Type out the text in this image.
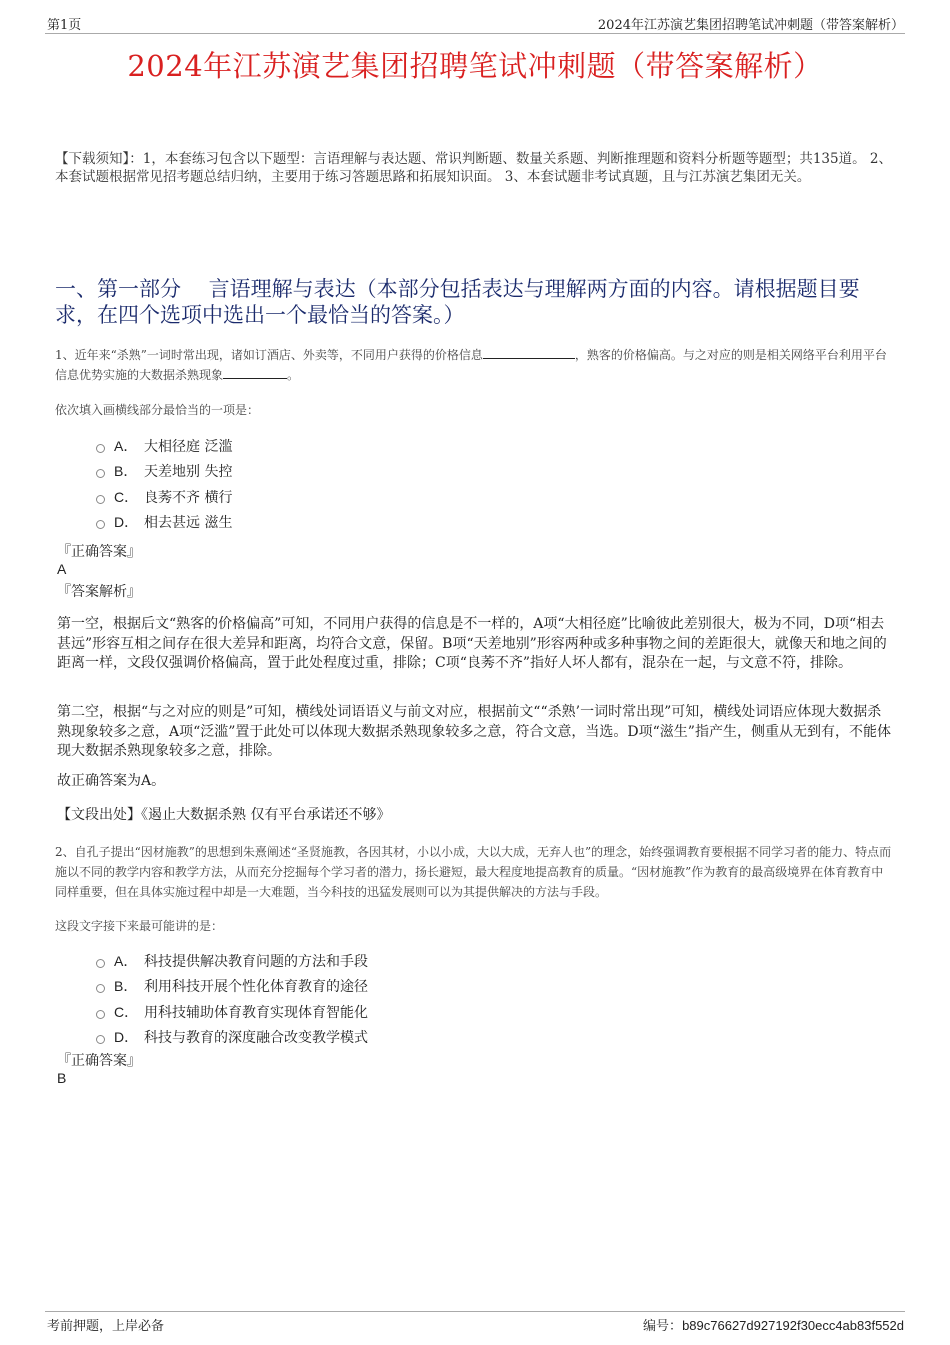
第1页	2024年江苏演艺集团招聘笔试冲刺题（带答案解析）
2024年江苏演艺集团招聘笔试冲刺题（带答案解析）
【下载须知】：1，本套练习包含以下题型：言语理解与表达题、常识判断题、数量关系题、判断推理题和资料分析题等题型；共135道。 2、本套试题根据常见招考题总结归纳，主要用于练习答题思路和拓展知识面。 3、本套试题非考试真题，且与江苏演艺集团无关。
一、第一部分　 言语理解与表达（本部分包括表达与理解两方面的内容。请根据题目要求，在四个选项中选出一个最恰当的答案。）
1、近年来“杀熟”一词时常出现，诸如订酒店、外卖等，不同用户获得的价格信息	，熟客的价格偏高。与之对应的则是相关网络平台利用平台信息优势实施的大数据杀熟现象	。
依次填入画横线部分最恰当的一项是：
A． 大相径庭 泛滥
B． 天差地别 失控
C． 良莠不齐 横行
D． 相去甚远 滋生
『正确答案』
A
『答案解析』
第一空，根据后文“熟客的价格偏高”可知，不同用户获得的信息是不一样的，A项“大相径庭”比喻彼此差别很大，极为不同，D项“相去甚远”形容互相之间存在很大差异和距离，均符合文意，保留。B项“天差地别”形容两种或多种事物之间的差距很大，就像天和地之间的距离一样，文段仅强调价格偏高，置于此处程度过重，排除；C项“良莠不齐”指好人坏人都有，混杂在一起，与文意不符，排除。
第二空，根据“与之对应的则是”可知，横线处词语语义与前文对应，根据前文““杀熟’一词时常出现”可知，横线处词语应体现大数据杀熟现象较多之意，A项“泛滥”置于此处可以体现大数据杀熟现象较多之意，符合文意，当选。D项“滋生”指产生，侧重从无到有，不能体现大数据杀熟现象较多之意，排除。
故正确答案为A。
【文段出处】《遏止大数据杀熟 仅有平台承诺还不够》
2、自孔子提出“因材施教”的思想到朱熹阐述“圣贤施教，各因其材，小以小成，大以大成，无弃人也”的理念，始终强调教育要根据不同学习者的能力、特点而施以不同的教学内容和教学方法，从而充分挖掘每个学习者的潜力，扬长避短，最大程度地提高教育的质量。“因材施教”作为教育的最高级境界在体育教育中同样重要，但在具体实施过程中却是一大难题，当今科技的迅猛发展则可以为其提供解决的方法与手段。
这段文字接下来最可能讲的是：
A． 科技提供解决教育问题的方法和手段
B． 利用科技开展个性化体育教育的途径
C． 用科技辅助体育教育实现体育智能化
D． 科技与教育的深度融合改变教学模式
『正确答案』
B
考前押题，上岸必备	编号：b89c76627d927192f30ecc4ab83f552d
